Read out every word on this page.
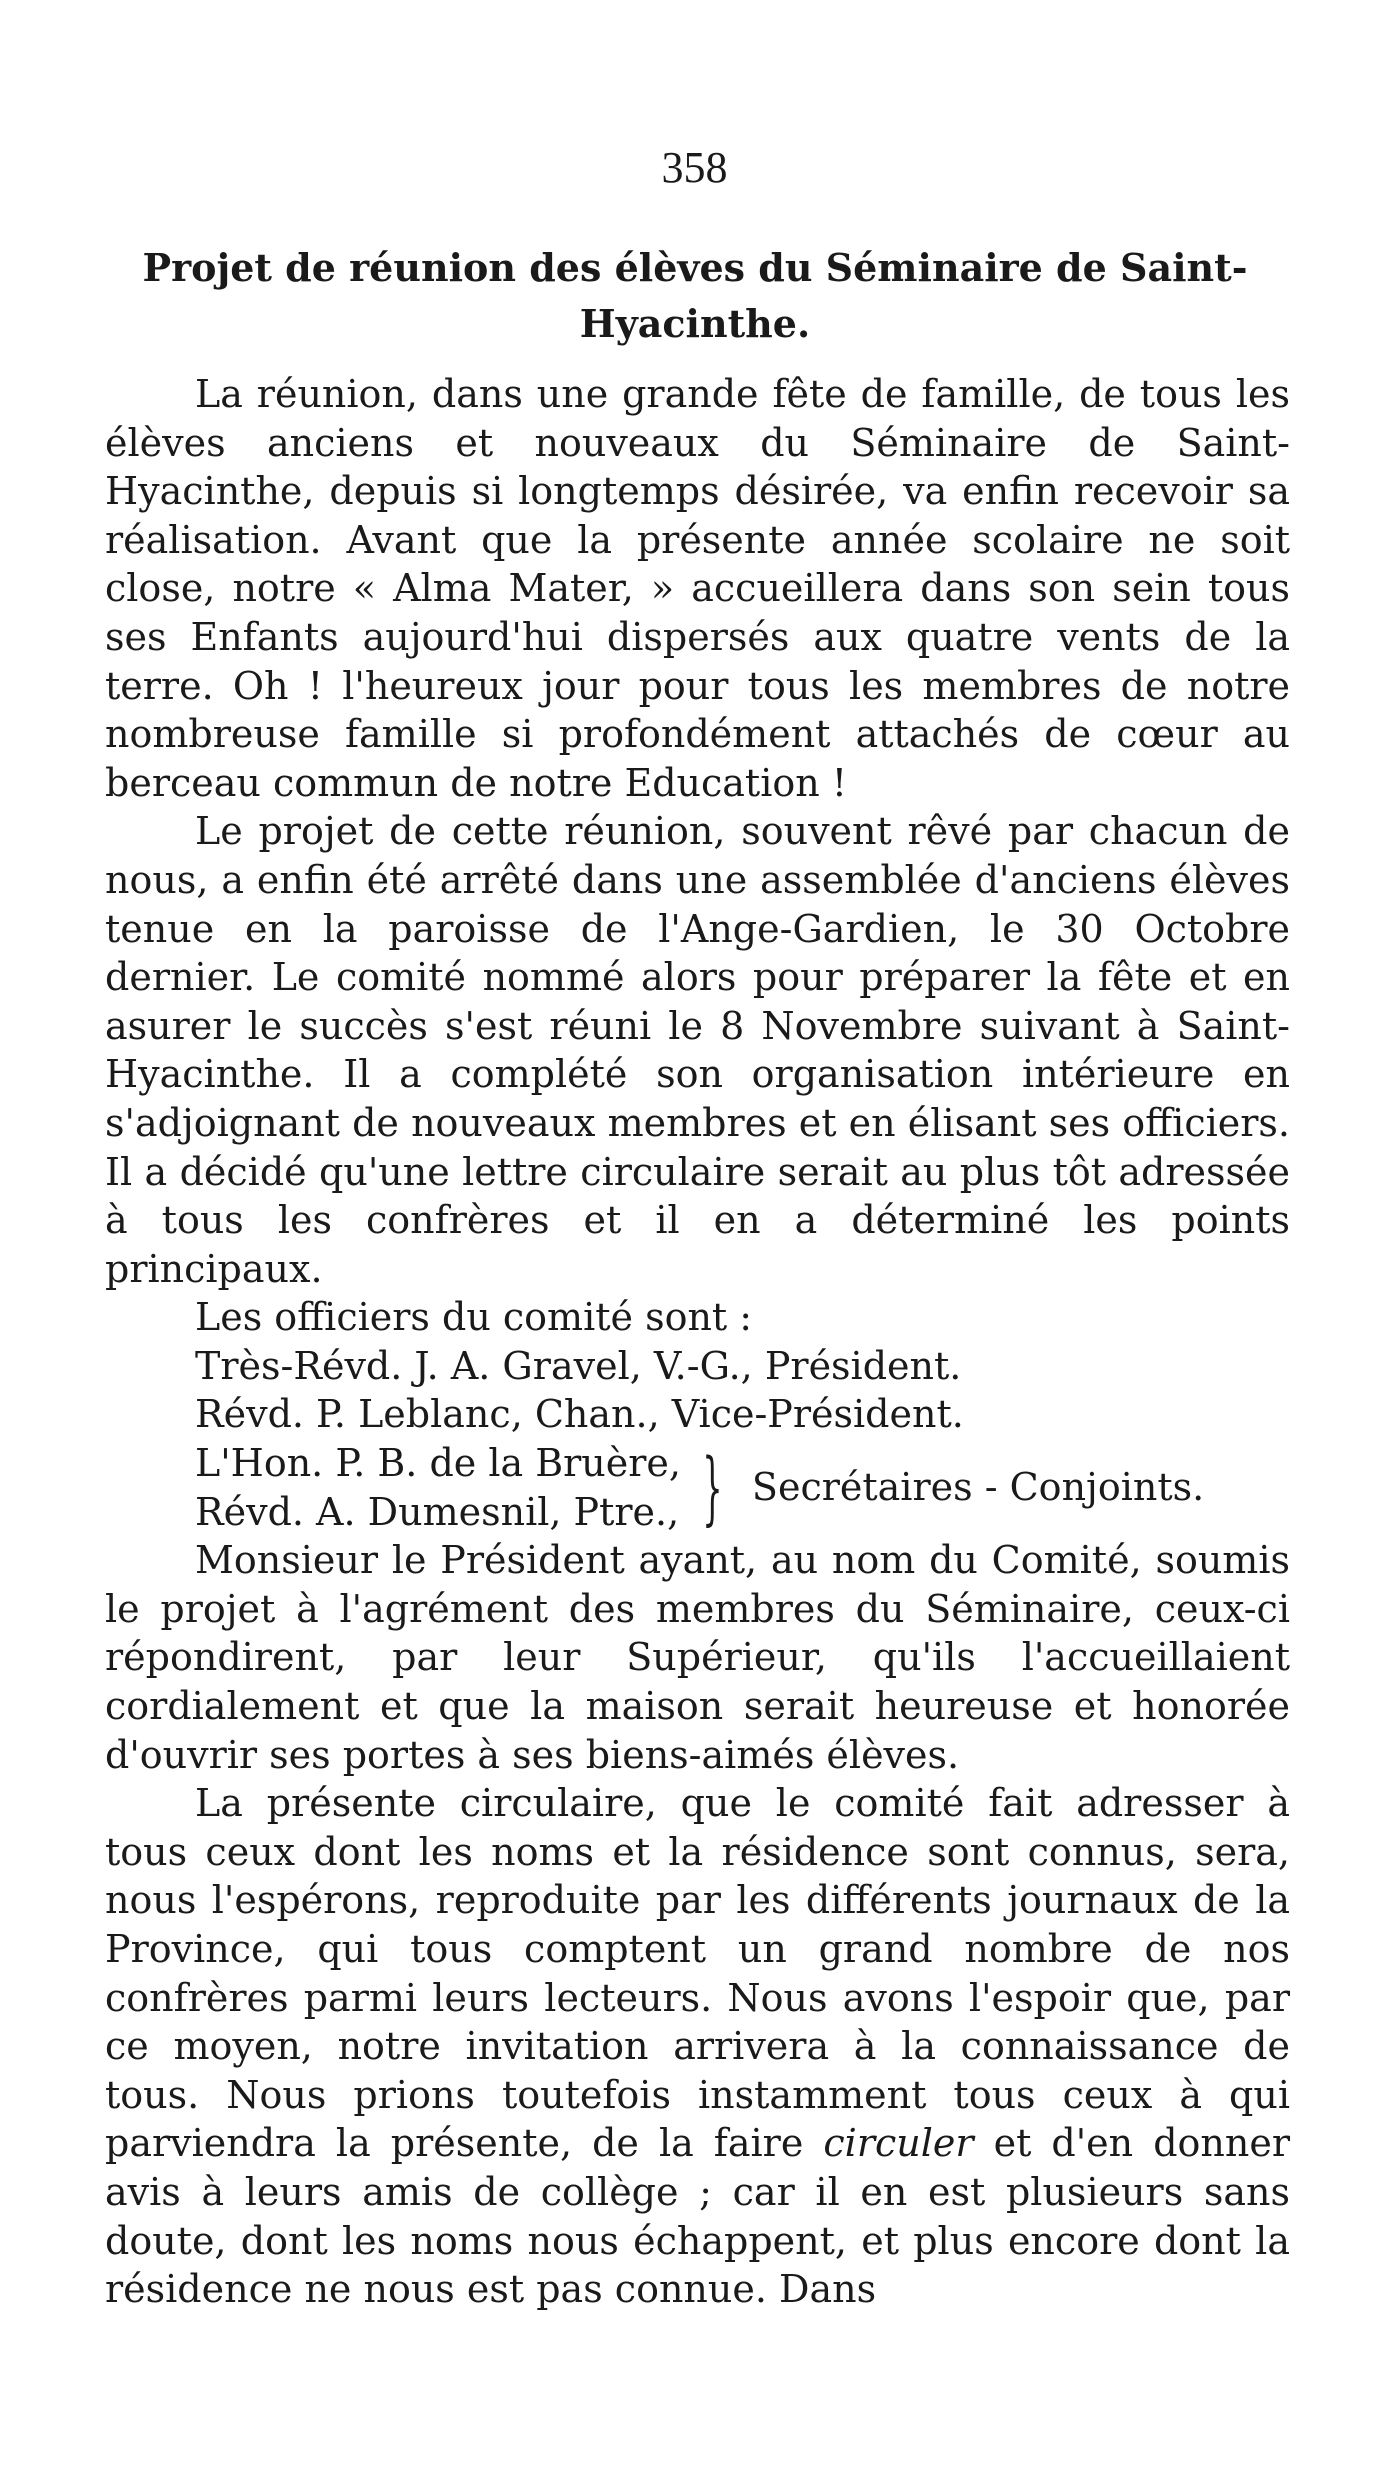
358
Projet de réunion des élèves du Séminaire de Saint-Hyacinthe.

La réunion, dans une grande fête de famille, de tous les élèves anciens et nouveaux du Séminaire de Saint-Hyacinthe, depuis si longtemps désirée, va enfin recevoir sa réalisation. Avant que la présente année scolaire ne soit close, notre « Alma Mater, » accueillera dans son sein tous ses Enfants aujourd'hui dispersés aux quatre vents de la terre. Oh ! l'heureux jour pour tous les membres de notre nombreuse famille si profondément attachés de cœur au berceau commun de notre Education !

Le projet de cette réunion, souvent rêvé par chacun de nous, a enfin été arrêté dans une assemblée d'anciens élèves tenue en la paroisse de l'Ange-Gardien, le 30 Octobre dernier. Le comité nommé alors pour préparer la fête et en asurer le succès s'est réuni le 8 Novembre suivant à Saint-Hyacinthe. Il a complété son organisation intérieure en s'adjoignant de nouveaux membres et en élisant ses officiers. Il a décidé qu'une lettre circulaire serait au plus tôt adressée à tous les confrères et il en a déterminé les points principaux.

Les officiers du comité sont :

Très-Révd. J. A. Gravel, V.-G., Président.
Révd. P. Leblanc, Chan., Vice-Président.
L'Hon. P. B. de la Bruère,
Révd. A. Dumesnil, Ptre., } Secrétaires - Conjoints.

Monsieur le Président ayant, au nom du Comité, soumis le projet à l'agrément des membres du Séminaire, ceux-ci répondirent, par leur Supérieur, qu'ils l'accueillaient cordialement et que la maison serait heureuse et honorée d'ouvrir ses portes à ses biens-aimés élèves.

La présente circulaire, que le comité fait adresser à tous ceux dont les noms et la résidence sont connus, sera, nous l'espérons, reproduite par les différents journaux de la Province, qui tous comptent un grand nombre de nos confrères parmi leurs lecteurs. Nous avons l'espoir que, par ce moyen, notre invitation arrivera à la connaissance de tous. Nous prions toutefois instamment tous ceux à qui parviendra la présente, de la faire circuler et d'en donner avis à leurs amis de collège ; car il en est plusieurs sans doute, dont les noms nous échappent, et plus encore dont la résidence ne nous est pas connue. Dans
